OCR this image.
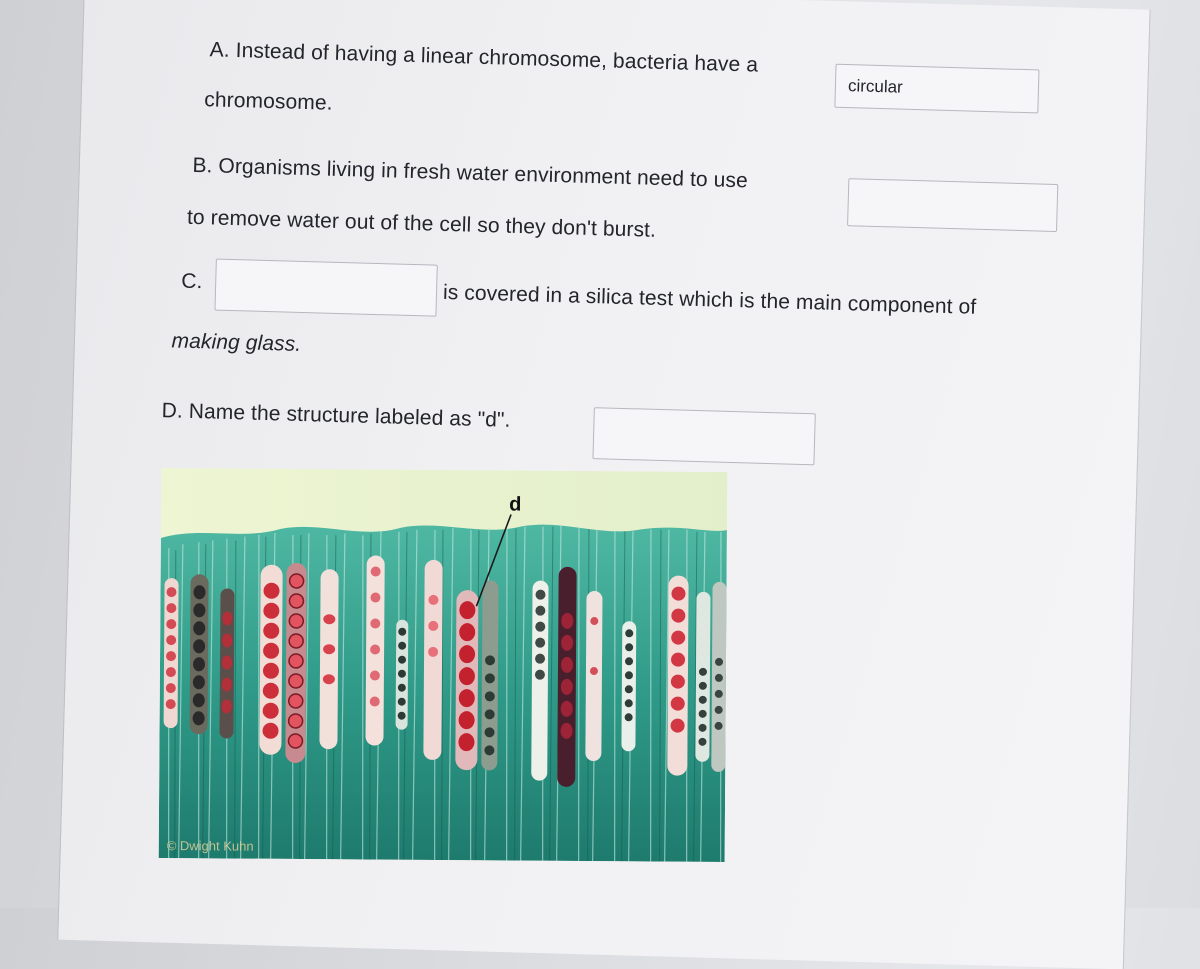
A. Instead of having a linear chromosome, bacteria have a
circular
chromosome.
B. Organisms living in fresh water environment need to use
to remove water out of the cell so they don't burst.
C.	is covered in a silica test which is the main component of
making glass.
D. Name the structure labeled as "d".
d
© Dwight Kuhn
